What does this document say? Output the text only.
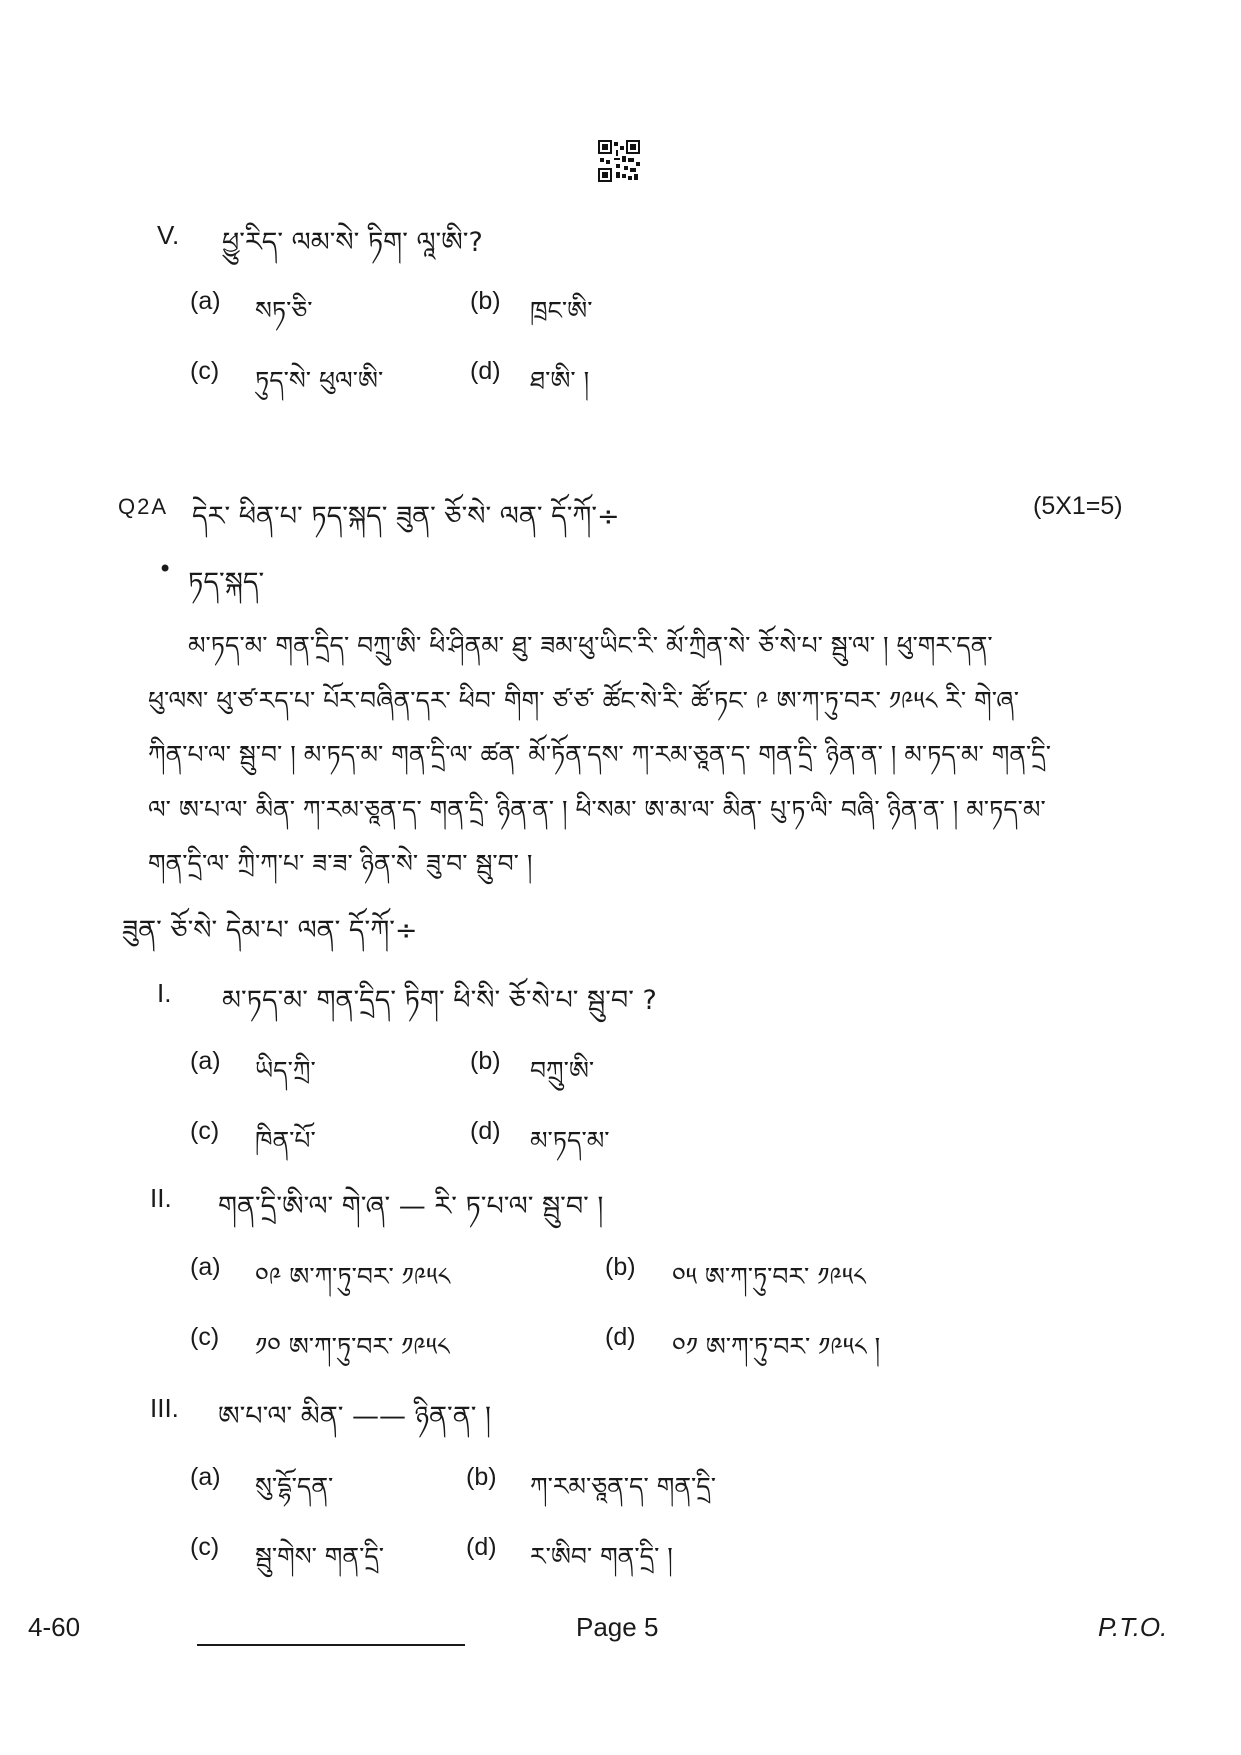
V. ཕྱུ་རིད་ ལམ་སེ་ ཏིག་ ལཱ་ཨི་?
(a) སཏ་ཅི་	(b) ཁྲང་ཨི་
(c) ཏུད་སེ་ ཕུལ་ཨི་	(d) ཐ་ཨི་ །
Q2A དེར་ ཕིན་པ་ ཏད་སྐད་ ཟུན་ ཅོ་སེ་ ལན་ དོ་ཀོ་÷	(5X1=5)
• ཏད་སྐད་
མ་ཏད་མ་ གན་དྲིད་ བཀྲུ་ཨི་ ཕི་ཤིནམ་ ཐུ་ ཟམ་ཕུ་ཡིང་རི་ མོ་ཀྲིན་སེ་ ཅོ་སེ་པ་ སྦུ་ལ་ ། ཕུ་གར་དན་
ཕུ་ལས་ ཕུ་ཙ་རད་པ་ པོར་བཞིན་དར་ ཕིབ་ གིག་ ཙ་ཙ་ ཚོང་སེ་རི་ ཚོ་ཏང་ ༩ ཨ་ཀ་ཏུ་བར་ ༡༩༥༨ རི་ གེ་ཞ་
ཀིན་པ་ལ་ སྦུ་བ་ ། མ་ཏད་མ་ གན་དྲི་ལ་ ཚན་ མོ་ཏོན་དས་ ཀ་རམ་ཅཱན་ད་ གན་དྲི་ ཉིན་ན་ ། མ་ཏད་མ་ གན་དྲི་
ལ་ ཨ་པ་ལ་ མིན་ ཀ་རམ་ཅཱན་ད་ གན་དྲི་ ཉིན་ན་ ། ཕི་སམ་ ཨ་མ་ལ་ མིན་ པུ་ཏ་ལི་ བཞི་ ཉིན་ན་ ། མ་ཏད་མ་
གན་དྲི་ལ་ ཀྲི་ཀ་པ་ ཟ་ཟ་ ཉིན་སེ་ ཟུ་བ་ སྦུ་བ་ །
ཟུན་ ཅོ་སེ་ དེམ་པ་ ལན་ དོ་ཀོ་÷
I. མ་ཏད་མ་ གན་དྲིད་ ཏིག་ ཕི་སི་ ཅོ་སེ་པ་ སྦུ་བ་ ?
(a) ཡིད་ཀྲི་	(b) བཀྲུ་ཨི་
(c) ཁིན་པོ་	(d) མ་ཏད་མ་
II. གན་དྲི་ཨི་ལ་ གེ་ཞ་ — རི་ ཏ་པ་ལ་ སྦུ་བ་ །
(a) ༠༩ ཨ་ཀ་ཏུ་བར་ ༡༩༥༨	(b) ༠༥ ཨ་ཀ་ཏུ་བར་ ༡༩༥༨
(c) ༡༠ ཨ་ཀ་ཏུ་བར་ ༡༩༥༨	(d) ༠༡ ཨ་ཀ་ཏུ་བར་ ༡༩༥༨ །
III. ཨ་པ་ལ་ མིན་ —— ཉིན་ན་ །
(a) སུ་དྷོ་དན་	(b) ཀ་རམ་ཅཱན་ད་ གན་དྲི་
(c) སྦུ་གེས་ གན་དྲི་	(d) ར་ཨིབ་ གན་དྲི་ །
4-60	Page 5	P.T.O.
